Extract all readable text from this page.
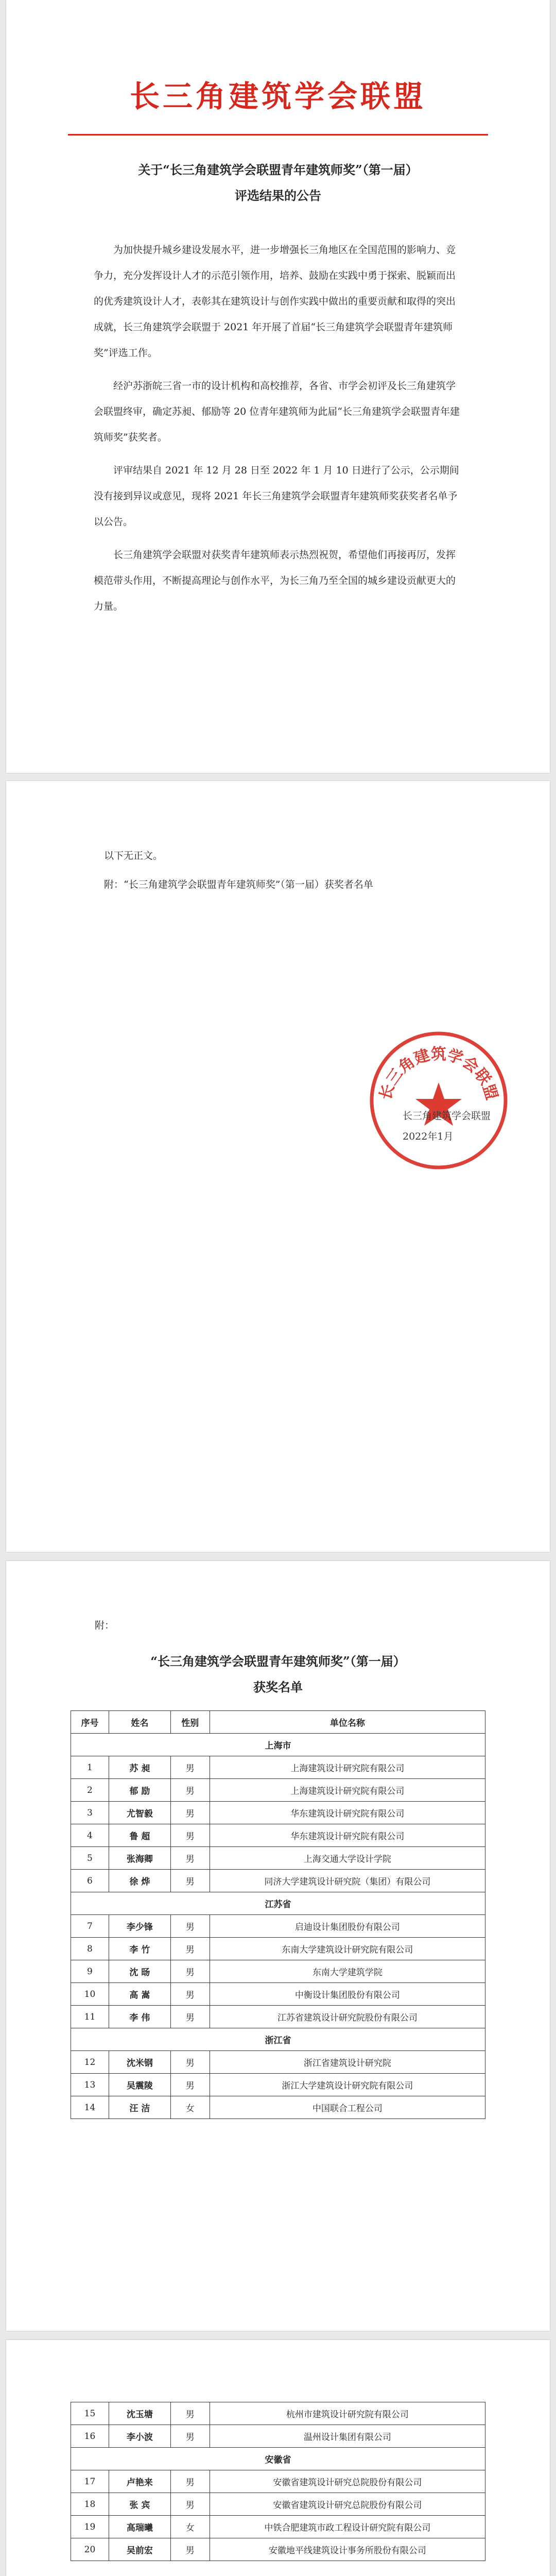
长三角建筑学会联盟
关于“长三角建筑学会联盟青年建筑师奖”（第一届）
评选结果的公告

为加快提升城乡建设发展水平，进一步增强长三角地区在全国范围的影响力、竞争力，充分发挥设计人才的示范引领作用，培养、鼓励在实践中勇于探索、脱颖而出的优秀建筑设计人才，表彰其在建筑设计与创作实践中做出的重要贡献和取得的突出成就，长三角建筑学会联盟于 2021 年开展了首届“长三角建筑学会联盟青年建筑师奖”评选工作。

经沪苏浙皖三省一市的设计机构和高校推荐，各省、市学会初评及长三角建筑学会联盟终审，确定苏昶、郁励等 20 位青年建筑师为此届“长三角建筑学会联盟青年建筑师奖”获奖者。

评审结果自 2021 年 12 月 28 日至 2022 年 1 月 10 日进行了公示，公示期间没有接到异议或意见，现将 2021 年长三角建筑学会联盟青年建筑师奖获奖者名单予以公告。

长三角建筑学会联盟对获奖青年建筑师表示热烈祝贺，希望他们再接再厉，发挥模范带头作用，不断提高理论与创作水平，为长三角乃至全国的城乡建设贡献更大的力量。

以下无正文。

附：“长三角建筑学会联盟青年建筑师奖”（第一届）获奖者名单

长三角建筑学会联盟
长三角建筑学会联盟
2022年1月
附：
“长三角建筑学会联盟青年建筑师奖”（第一届）
获奖名单
序号	姓名	性别	单位名称
上海市			
1	苏 昶	男	上海建筑设计研究院有限公司
2	郁 励	男	上海建筑设计研究院有限公司
3	尤智毅	男	华东建筑设计研究院有限公司
4	鲁 超	男	华东建筑设计研究院有限公司
5	张海卿	男	上海交通大学设计学院
6	徐 烨	男	同济大学建筑设计研究院（集团）有限公司
江苏省			
7	李少锋	男	启迪设计集团股份有限公司
8	李 竹	男	东南大学建筑设计研究院有限公司
9	沈 旸	男	东南大学建筑学院
10	高 嵩	男	中衡设计集团股份有限公司
11	李 伟	男	江苏省建筑设计研究院股份有限公司
浙江省			
12	沈米钢	男	浙江省建筑设计研究院
13	吴震陵	男	浙江大学建筑设计研究院有限公司
14	汪 洁	女	中国联合工程公司
15	沈玉塘	男	杭州市建筑设计研究院有限公司
16	李小波	男	温州设计集团有限公司
安徽省			
17	卢艳来	男	安徽省建筑设计研究总院股份有限公司
18	张 宾	男	安徽省建筑设计研究总院股份有限公司
19	高瑞曦	女	中铁合肥建筑市政工程设计研究院有限公司
20	吴前宏	男	安徽地平线建筑设计事务所股份有限公司
